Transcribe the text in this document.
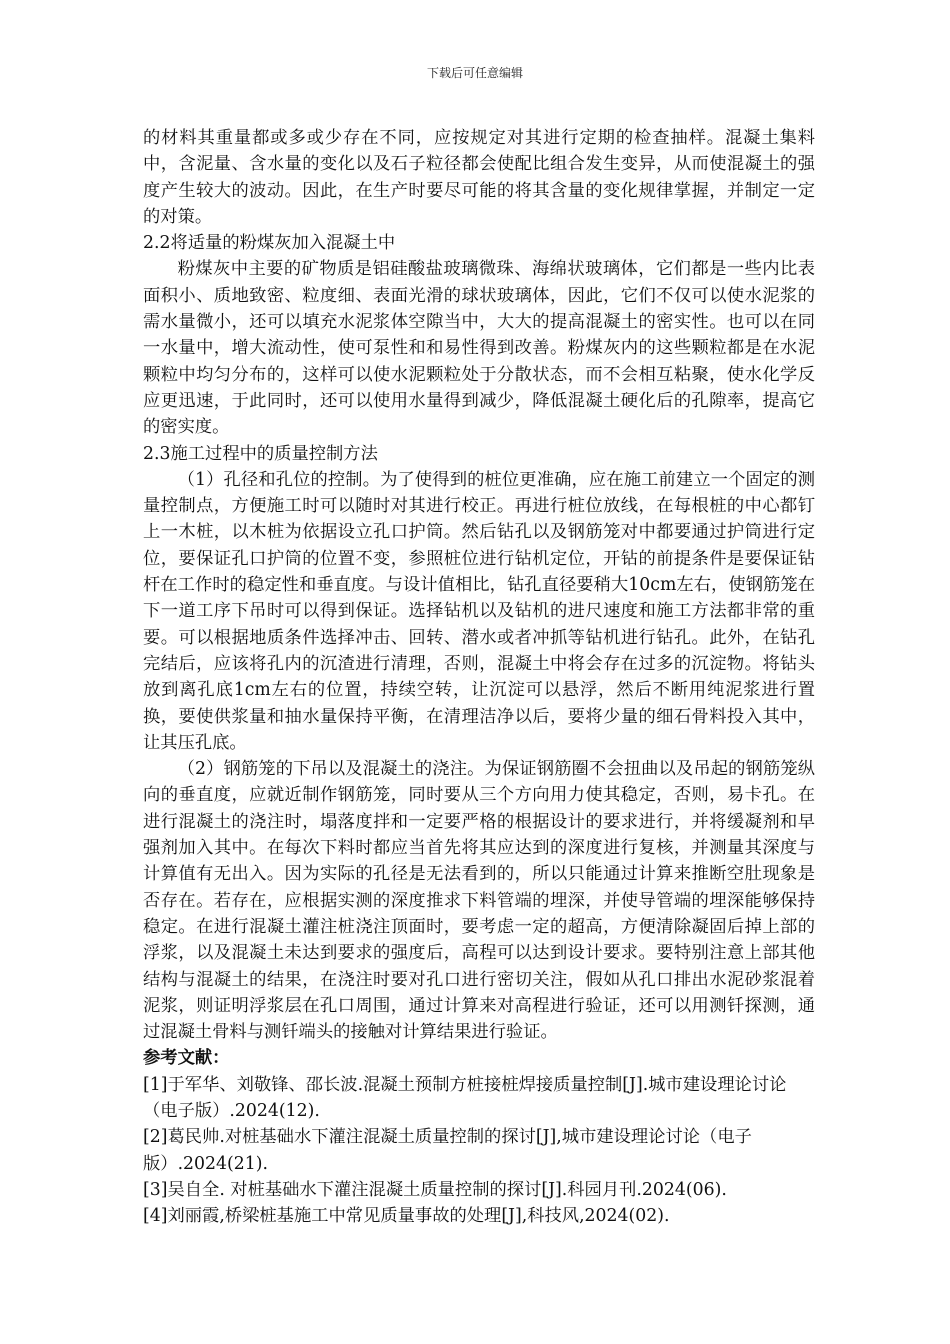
下载后可任意编辑

的材料其重量都或多或少存在不同，应按规定对其进行定期的检查抽样。混凝土集料中，含泥量、含水量的变化以及石子粒径都会使配比组合发生变异，从而使混凝土的强度产生较大的波动。因此，在生产时要尽可能的将其含量的变化规律掌握，并制定一定的对策。

2.2将适量的粉煤灰加入混凝土中

粉煤灰中主要的矿物质是铝硅酸盐玻璃微珠、海绵状玻璃体，它们都是一些内比表面积小、质地致密、粒度细、表面光滑的球状玻璃体，因此，它们不仅可以使水泥浆的需水量微小，还可以填充水泥浆体空隙当中，大大的提高混凝土的密实性。也可以在同一水量中，增大流动性，使可泵性和和易性得到改善。粉煤灰内的这些颗粒都是在水泥颗粒中均匀分布的，这样可以使水泥颗粒处于分散状态，而不会相互粘聚，使水化学反应更迅速，于此同时，还可以使用水量得到减少，降低混凝土硬化后的孔隙率，提高它的密实度。

2.3施工过程中的质量控制方法

（1）孔径和孔位的控制。为了使得到的桩位更准确，应在施工前建立一个固定的测量控制点，方便施工时可以随时对其进行校正。再进行桩位放线，在每根桩的中心都钉上一木桩，以木桩为依据设立孔口护筒。然后钻孔以及钢筋笼对中都要通过护筒进行定位，要保证孔口护筒的位置不变，参照桩位进行钻机定位，开钻的前提条件是要保证钻杆在工作时的稳定性和垂直度。与设计值相比，钻孔直径要稍大10cm左右，使钢筋笼在下一道工序下吊时可以得到保证。选择钻机以及钻机的进尺速度和施工方法都非常的重要。可以根据地质条件选择冲击、回转、潜水或者冲抓等钻机进行钻孔。此外，在钻孔完结后，应该将孔内的沉渣进行清理，否则，混凝土中将会存在过多的沉淀物。将钻头放到离孔底1cm左右的位置，持续空转，让沉淀可以悬浮，然后不断用纯泥浆进行置换，要使供浆量和抽水量保持平衡，在清理洁净以后，要将少量的细石骨料投入其中，让其压孔底。

（2）钢筋笼的下吊以及混凝土的浇注。为保证钢筋圈不会扭曲以及吊起的钢筋笼纵向的垂直度，应就近制作钢筋笼，同时要从三个方向用力使其稳定，否则，易卡孔。在进行混凝土的浇注时，塌落度拌和一定要严格的根据设计的要求进行，并将缓凝剂和早强剂加入其中。在每次下料时都应当首先将其应达到的深度进行复核，并测量其深度与计算值有无出入。因为实际的孔径是无法看到的，所以只能通过计算来推断空肚现象是否存在。若存在，应根据实测的深度推求下料管端的埋深，并使导管端的埋深能够保持稳定。在进行混凝土灌注桩浇注顶面时，要考虑一定的超高，方便清除凝固后掉上部的浮浆，以及混凝土未达到要求的强度后，高程可以达到设计要求。要特别注意上部其他结构与混凝土的结果，在浇注时要对孔口进行密切关注，假如从孔口排出水泥砂浆混着泥浆，则证明浮浆层在孔口周围，通过计算来对高程进行验证，还可以用测钎探测，通过混凝土骨料与测钎端头的接触对计算结果进行验证。

参考文献：

[1]于军华、刘敬锋、邵长波.混凝土预制方桩接桩焊接质量控制[J].城市建设理论讨论（电子版）.2024(12).

[2]葛民帅.对桩基础水下灌注混凝土质量控制的探讨[J],城市建设理论讨论（电子版）.2024(21).

[3]吴自全. 对桩基础水下灌注混凝土质量控制的探讨[J].科园月刊.2024(06).

[4]刘丽霞,桥梁桩基施工中常见质量事故的处理[J],科技风,2024(02).
